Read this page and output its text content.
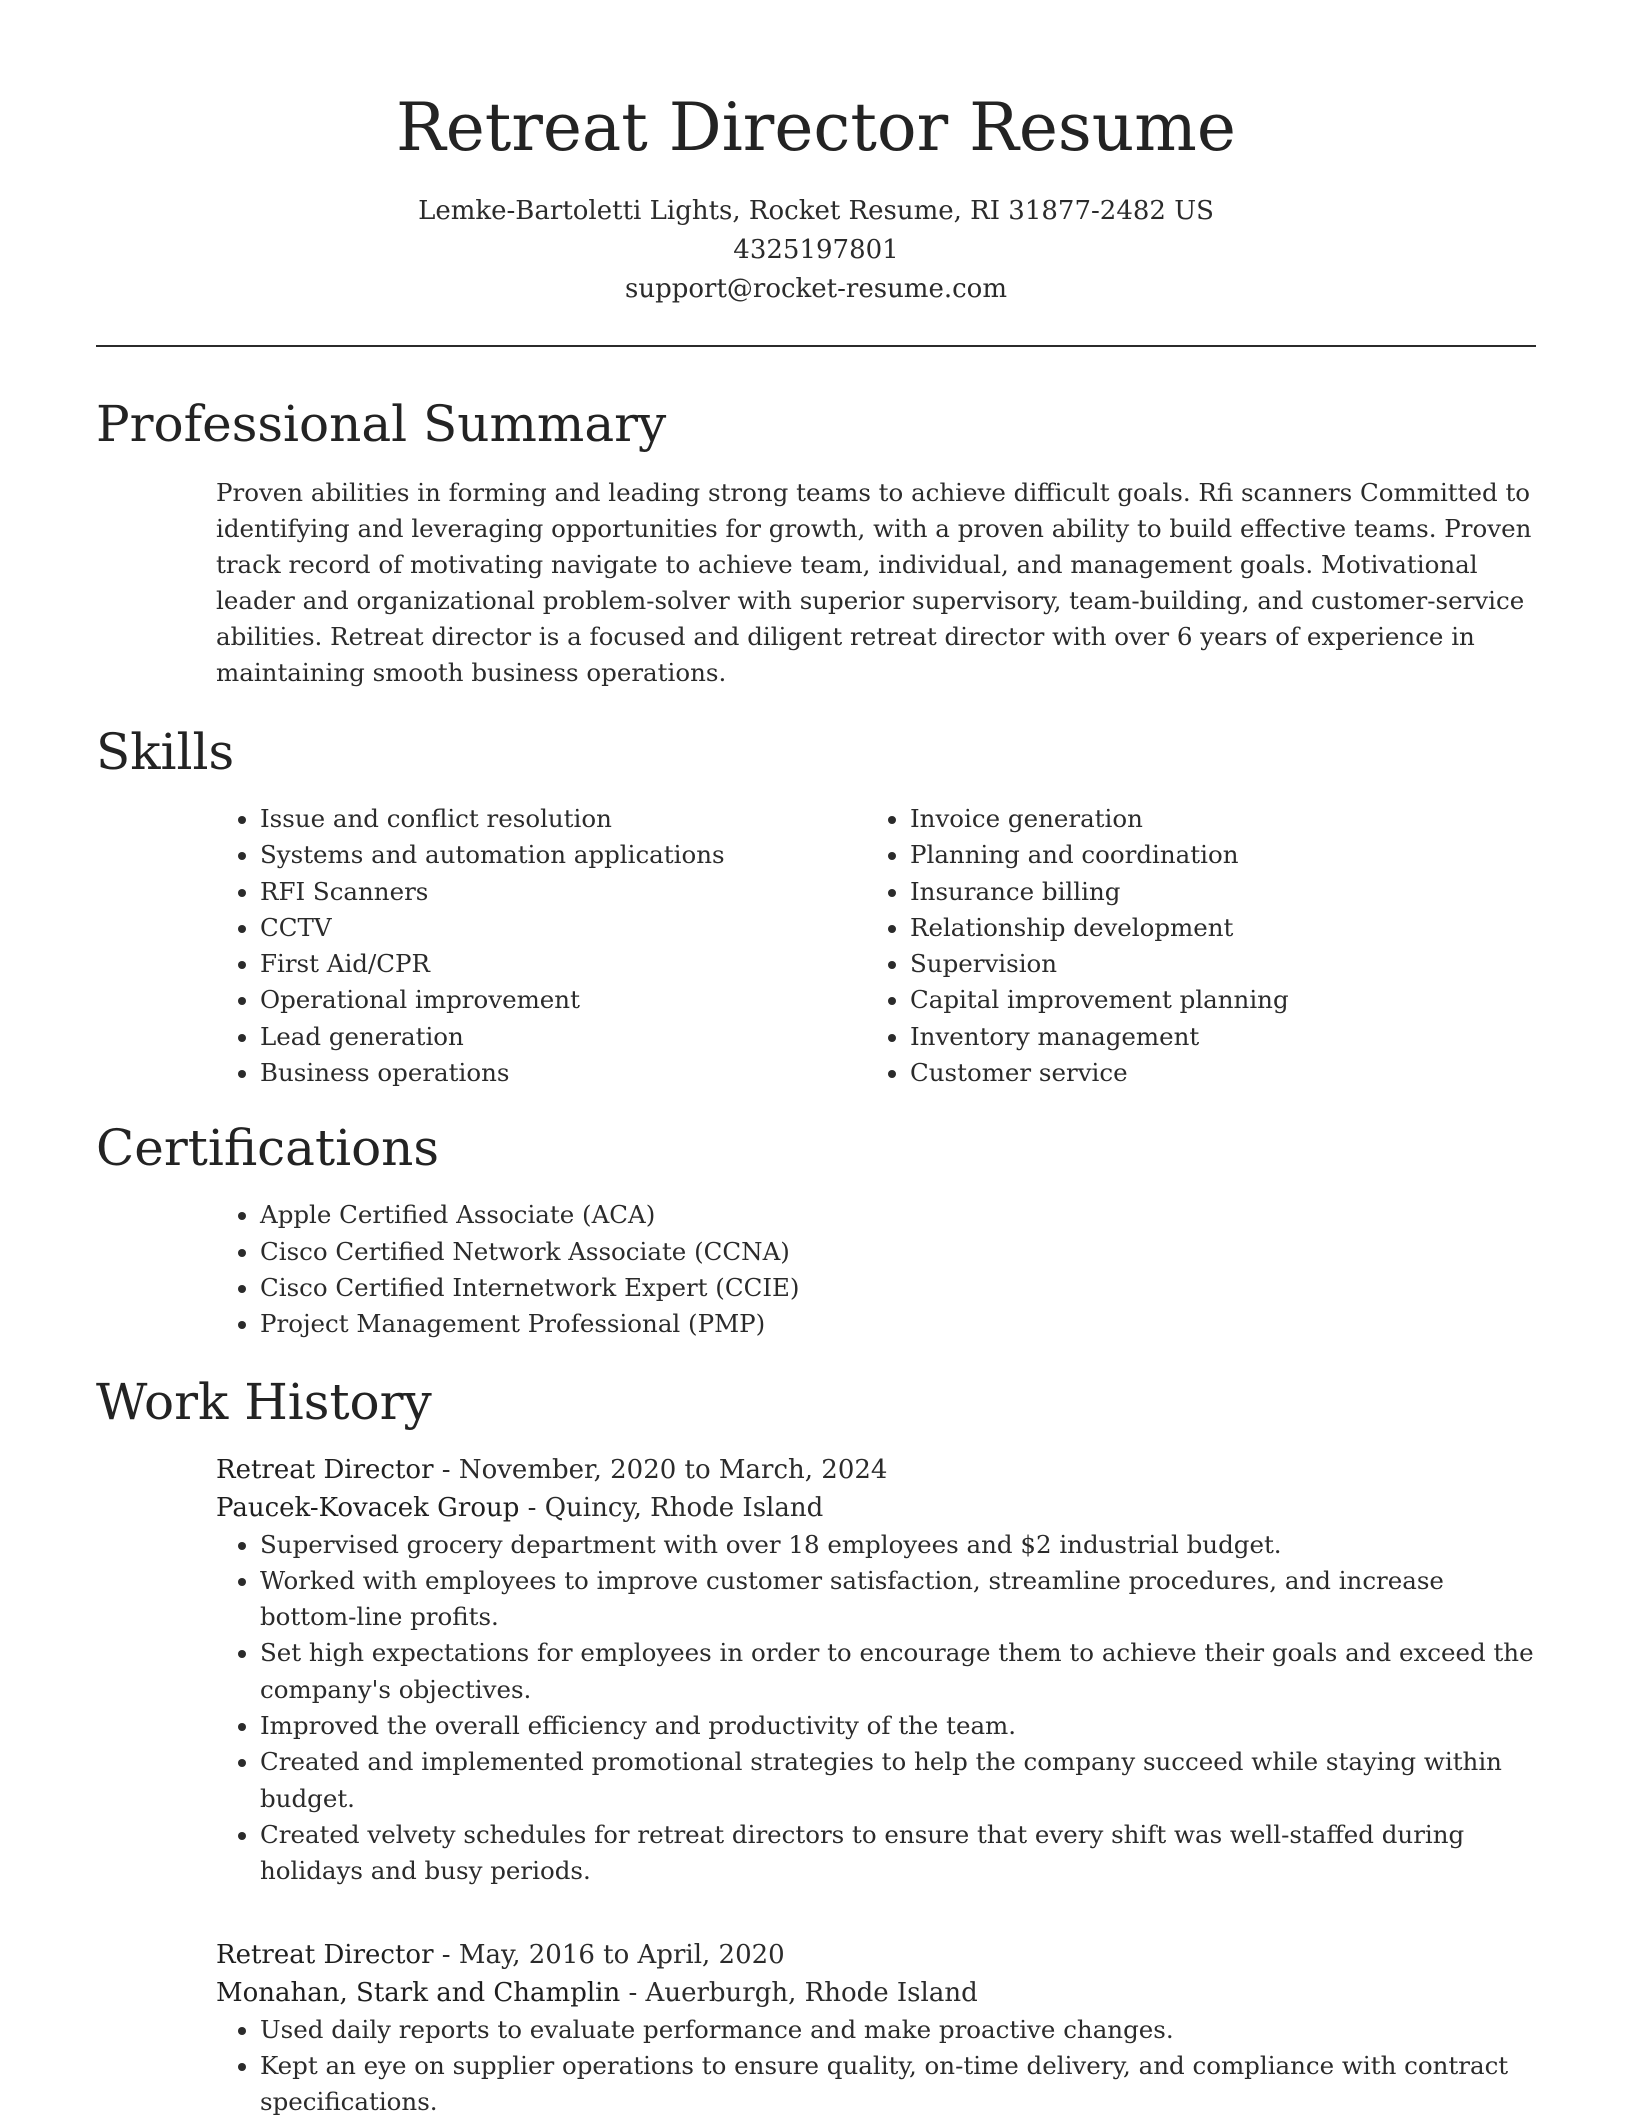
Retreat Director Resume
Lemke-Bartoletti Lights, Rocket Resume, RI 31877-2482 US
4325197801
support@rocket-resume.com
Professional Summary
Proven abilities in forming and leading strong teams to achieve difficult goals. Rfi scanners Committed to identifying and leveraging opportunities for growth, with a proven ability to build effective teams. Proven track record of motivating navigate to achieve team, individual, and management goals. Motivational leader and organizational problem-solver with superior supervisory, team-building, and customer-service abilities. Retreat director is a focused and diligent retreat director with over 6 years of experience in maintaining smooth business operations.
Skills
• Issue and conflict resolution
• Systems and automation applications
• RFI Scanners
• CCTV
• First Aid/CPR
• Operational improvement
• Lead generation
• Business operations
• Invoice generation
• Planning and coordination
• Insurance billing
• Relationship development
• Supervision
• Capital improvement planning
• Inventory management
• Customer service
Certifications
• Apple Certified Associate (ACA)
• Cisco Certified Network Associate (CCNA)
• Cisco Certified Internetwork Expert (CCIE)
• Project Management Professional (PMP)
Work History
Retreat Director - November, 2020 to March, 2024
Paucek-Kovacek Group - Quincy, Rhode Island
• Supervised grocery department with over 18 employees and $2 industrial budget.
• Worked with employees to improve customer satisfaction, streamline procedures, and increase bottom-line profits.
• Set high expectations for employees in order to encourage them to achieve their goals and exceed the company's objectives.
• Improved the overall efficiency and productivity of the team.
• Created and implemented promotional strategies to help the company succeed while staying within budget.
• Created velvety schedules for retreat directors to ensure that every shift was well-staffed during holidays and busy periods.
Retreat Director - May, 2016 to April, 2020
Monahan, Stark and Champlin - Auerburgh, Rhode Island
• Used daily reports to evaluate performance and make proactive changes.
• Kept an eye on supplier operations to ensure quality, on-time delivery, and compliance with contract specifications.
